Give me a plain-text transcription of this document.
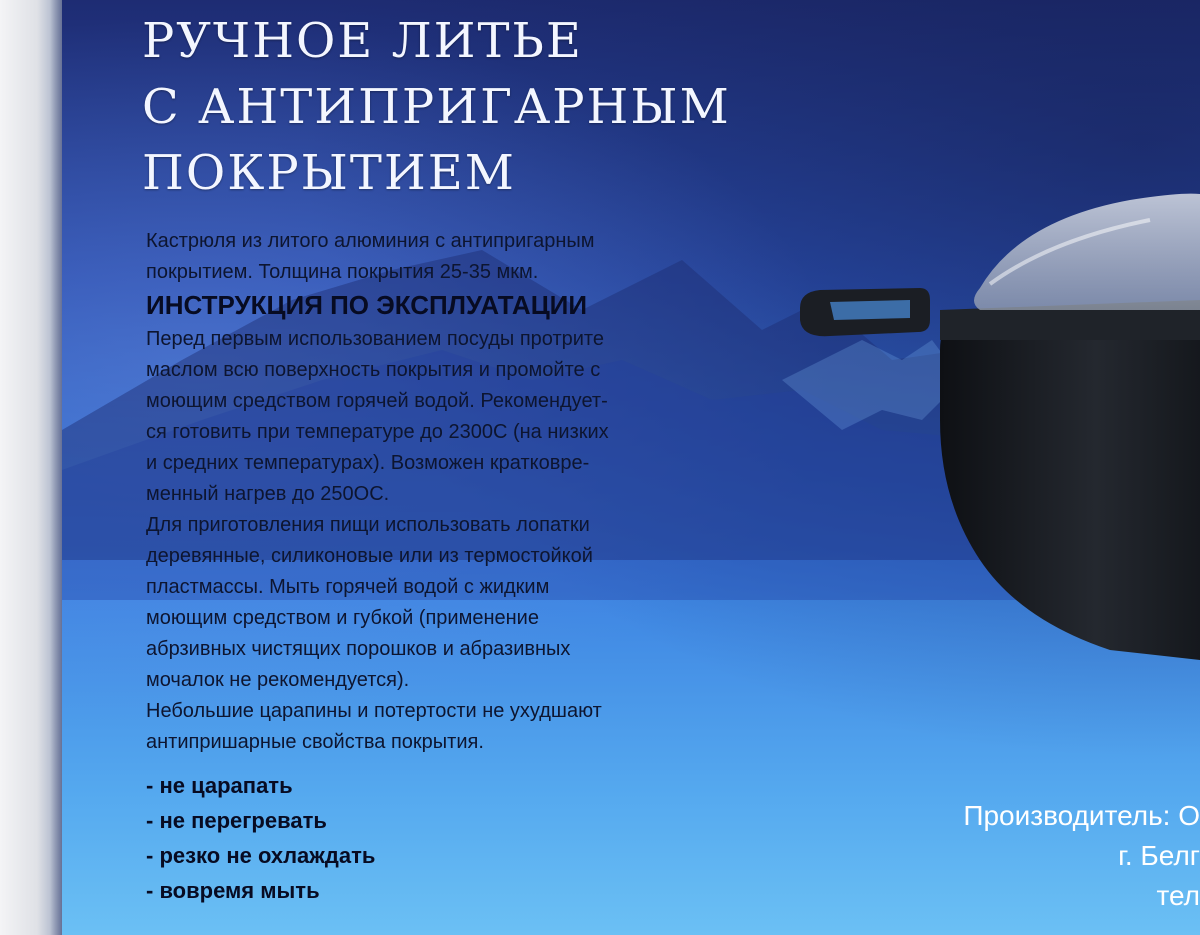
РУЧНОЕ ЛИТЬЕ
С АНТИПРИГАРНЫМ
ПОКРЫТИЕМ
Кастрюля из литого алюминия с антипригарным
покрытием. Толщина покрытия 25-35 мкм.
ИНСТРУКЦИЯ ПО ЭКСПЛУАТАЦИИ
Перед первым использованием посуды протрите
маслом всю поверхность покрытия и промойте с
моющим средством горячей водой. Рекомендует-
ся готовить при температуре до 2300С (на низких
и средних температурах). Возможен кратковре-
менный нагрев до 250ОС.
Для приготовления пищи использовать лопатки
деревянные, силиконовые или из термостойкой
пластмассы. Мыть горячей водой с жидким
моющим средством и губкой (применение
абрзивных чистящих порошков и абразивных
мочалок не рекомендуется).
Небольшие царапины и потертости не ухудшают
антипришарные свойства покрытия.
- не царапать
- не перегревать
- резко не охлаждать
- вовремя мыть
Производитель: О
г. Белг
тел
